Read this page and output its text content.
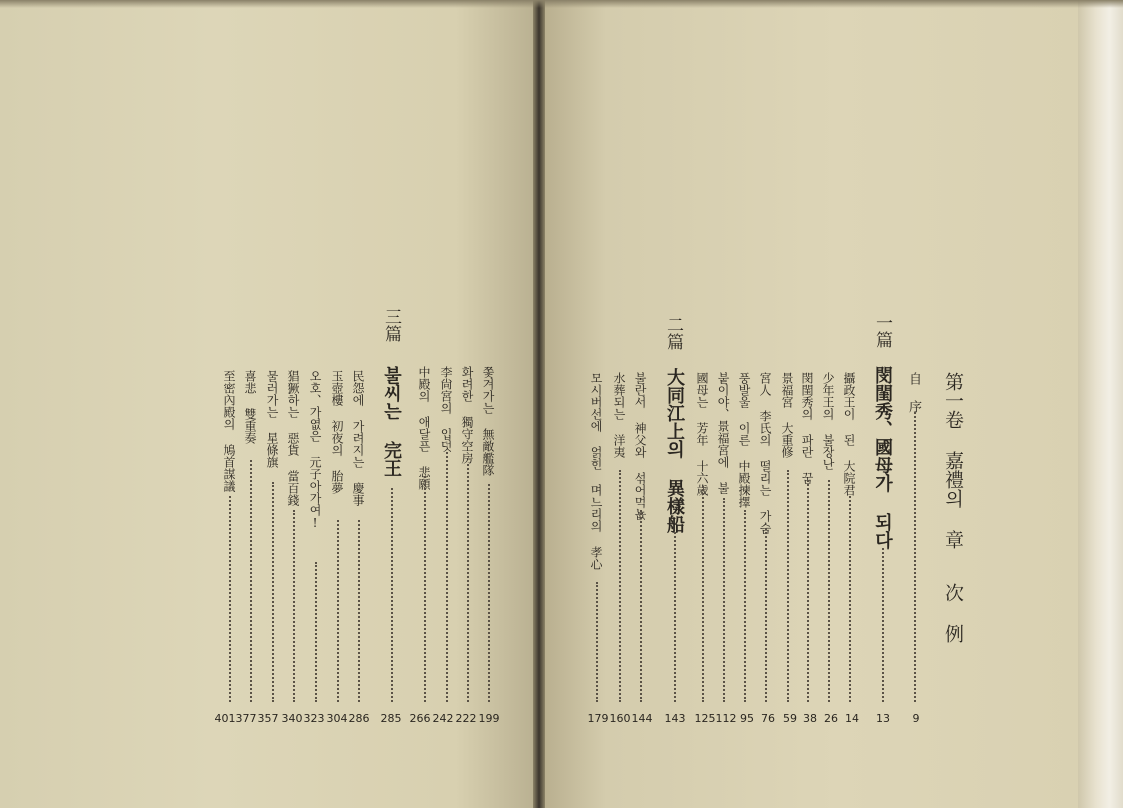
第一卷 嘉禮의 章
次 例
自 序
9
一篇
閔閨秀、國母가 되다
13
攝政王이 된 大院君
14
少年王의 불장난
26
閔閨秀의 파란 꿈
38
景福宮 大重修
59
宮人 李氏의 떨리는 가슴
76
풍발울 이른 中殿揀擇
95
붙이야、景福宮에 불
112
國母는 芳年 十六歲
125
二篇
大同江上의 異樣船
143
불란서 神父와 섞어먹뇺
144
水葬되는 洋夷
160
모시버선에 얽힌 며느리의 孝心
179
쫓겨가는 無敵艦隊
199
화려한 獨守空房
222
李尙宮의 입덧
242
中殿의 애달픈 悲願
266
三篇
불씨는 完王
285
民怨에 가려지는 慶事
286
玉壺樓 初夜의 胎夢
304
오호、가엾은 元子아가여!
323
猖獗하는 惡貨 當百錢
340
물러가는 星條旗
357
喜悲 雙重奏
377
至密內殿의 鳩首謀議
401
